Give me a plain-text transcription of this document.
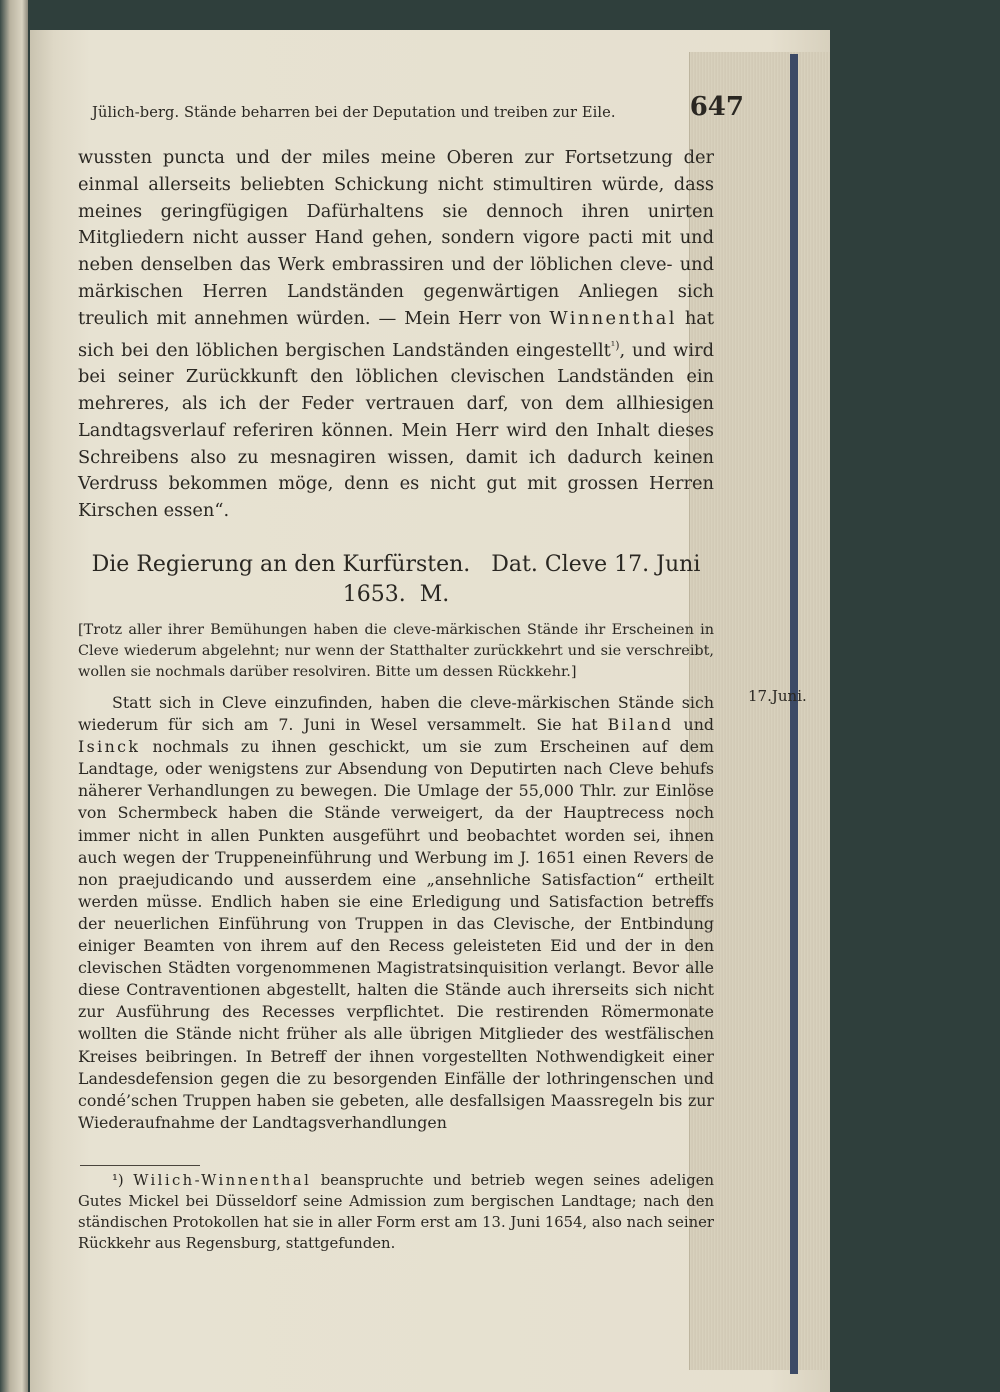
Jülich-berg. Stände beharren bei der Deputation und treiben zur Eile.	647

wussten puncta und der miles meine Oberen zur Fortsetzung der einmal allerseits beliebten Schickung nicht stimultiren würde, dass meines geringfügigen Dafürhaltens sie dennoch ihren unirten Mitgliedern nicht ausser Hand gehen, sondern vigore pacti mit und neben denselben das Werk embrassiren und der löblichen cleve- und märkischen Herren Landständen gegenwärtigen Anliegen sich treulich mit annehmen würden. — Mein Herr von Winnenthal hat sich bei den löblichen bergischen Landständen eingestellt$^{^1)}$, und wird bei seiner Zurückkunft den löblichen clevischen Landständen ein mehreres, als ich der Feder vertrauen darf, von dem allhiesigen Landtagsverlauf referiren können. Mein Herr wird den Inhalt dieses Schreibens also zu mesnagiren wissen, damit ich dadurch keinen Verdruss bekommen möge, denn es nicht gut mit grossen Herren Kirschen essen“.

Die Regierung an den Kurfürsten.   Dat. Cleve 17. Juni 1653.  M.

[Trotz aller ihrer Bemühungen haben die cleve-märkischen Stände ihr Erscheinen in Cleve wiederum abgelehnt; nur wenn der Statthalter zurückkehrt und sie verschreibt, wollen sie nochmals darüber resolviren. Bitte um dessen Rückkehr.]

17.Juni.

Statt sich in Cleve einzufinden, haben die cleve-märkischen Stände sich wiederum für sich am 7. Juni in Wesel versammelt. Sie hat Biland und Isinck nochmals zu ihnen geschickt, um sie zum Erscheinen auf dem Landtage, oder wenigstens zur Absendung von Deputirten nach Cleve behufs näherer Verhandlungen zu bewegen. Die Umlage der 55,000 Thlr. zur Einlöse von Schermbeck haben die Stände verweigert, da der Hauptrecess noch immer nicht in allen Punkten ausgeführt und beobachtet worden sei, ihnen auch wegen der Truppeneinführung und Werbung im J. 1651 einen Revers de non praejudicando und ausserdem eine „ansehnliche Satisfaction“ ertheilt werden müsse. Endlich haben sie eine Erledigung und Satisfaction betreffs der neuerlichen Einführung von Truppen in das Clevische, der Entbindung einiger Beamten von ihrem auf den Recess geleisteten Eid und der in den clevischen Städten vorgenommenen Magistratsinquisition verlangt. Bevor alle diese Contraventionen abgestellt, halten die Stände auch ihrerseits sich nicht zur Ausführung des Recesses verpflichtet. Die restirenden Römermonate wollten die Stände nicht früher als alle übrigen Mitglieder des westfälischen Kreises beibringen. In Betreff der ihnen vorgestellten Nothwendigkeit einer Landesdefension gegen die zu besorgenden Einfälle der lothringenschen und condé’schen Truppen haben sie gebeten, alle desfallsigen Maassregeln bis zur Wiederaufnahme der Landtagsverhandlungen

¹) Wilich-Winnenthal beanspruchte und betrieb wegen seines adeligen Gutes Mickel bei Düsseldorf seine Admission zum bergischen Landtage; nach den ständischen Protokollen hat sie in aller Form erst am 13. Juni 1654, also nach seiner Rückkehr aus Regensburg, stattgefunden.
